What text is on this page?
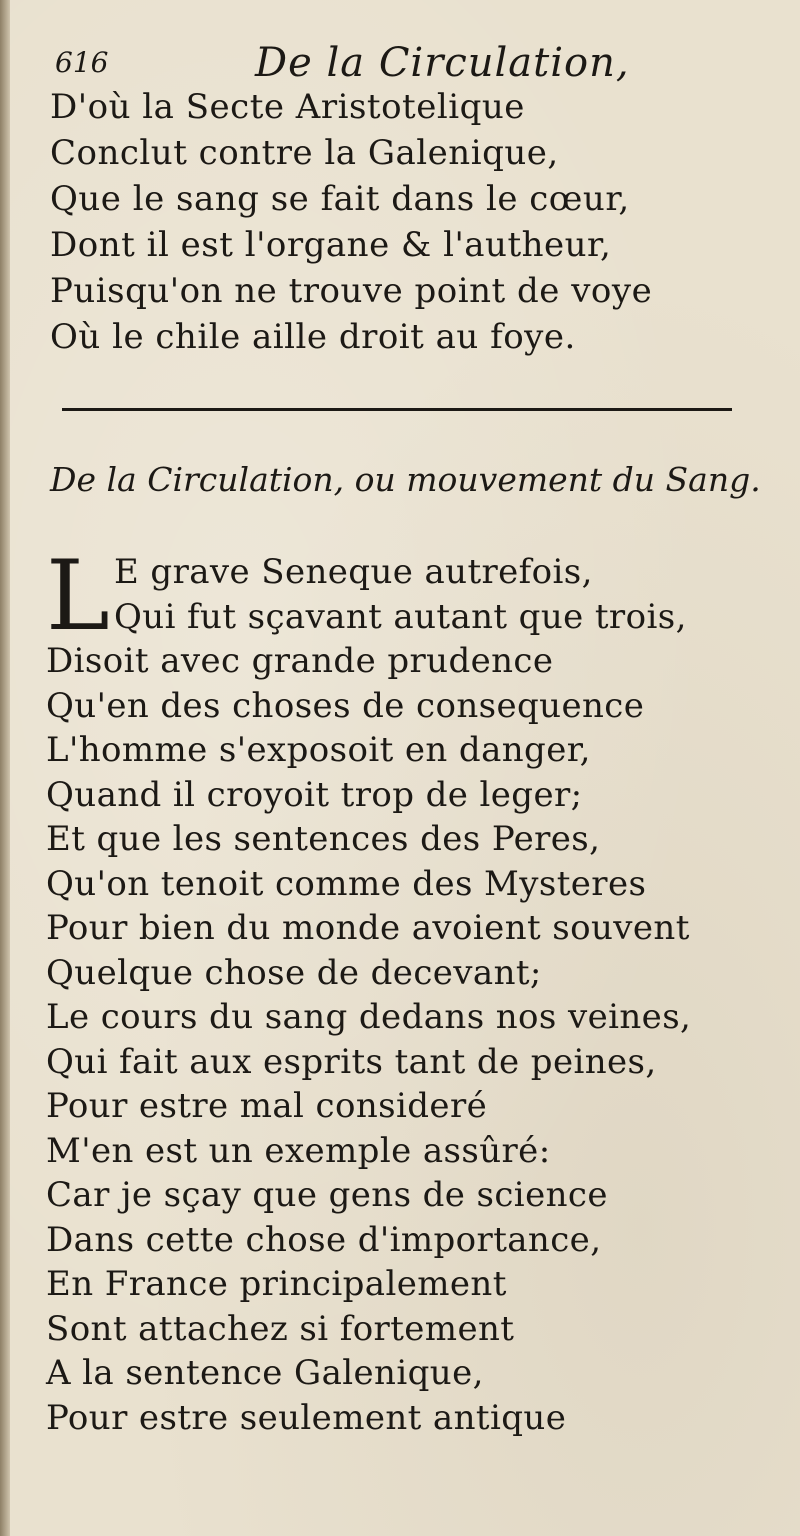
616	De la Circulation,
D'où la Secte Aristotelique
Conclut contre la Galenique,
Que le sang se fait dans le cœur,
Dont il est l'organe & l'autheur,
Puisqu'on ne trouve point de voye
Où le chile aille droit au foye.
De la Circulation, ou mouvement du Sang.
L E grave Seneque autrefois,
Qui fut sçavant autant que trois,
Disoit avec grande prudence
Qu'en des choses de consequence
L'homme s'exposoit en danger,
Quand il croyoit trop de leger;
Et que les sentences des Peres,
Qu'on tenoit comme des Mysteres
Pour bien du monde avoient souvent
Quelque chose de decevant;
Le cours du sang dedans nos veines,
Qui fait aux esprits tant de peines,
Pour estre mal consideré
M'en est un exemple assûré:
Car je sçay que gens de science
Dans cette chose d'importance,
En France principalement
Sont attachez si fortement
A la sentence Galenique,
Pour estre seulement antique
